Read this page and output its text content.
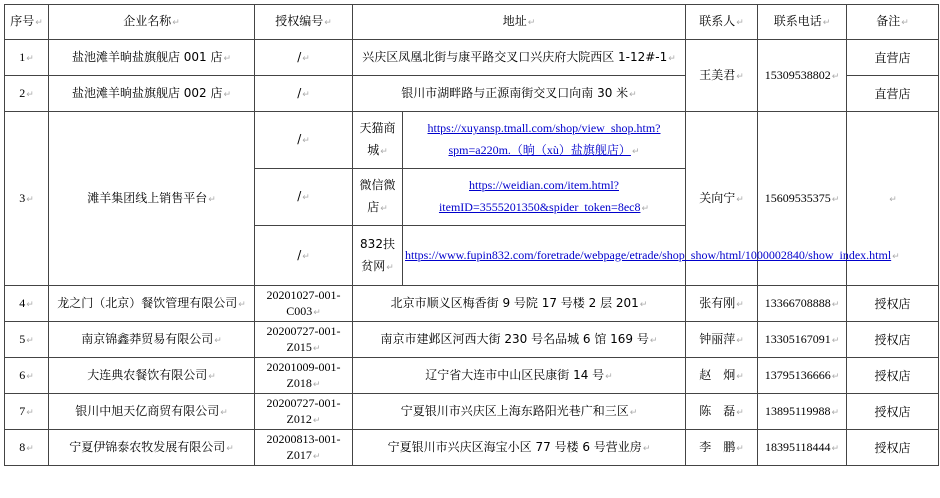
序号↵	企业名称↵	授权编号↵	地址↵		联系人↵	联系电话↵	备注↵
1↵	盐池滩羊晌盐旗舰店 001 店↵	/↵	兴庆区凤凰北街与康平路交叉口兴庆府大院西区 1-12#-1↵		王美君↵	15309538802↵	直营店
2↵	盐池滩羊晌盐旗舰店 002 店↵	/↵	银川市湖畔路与正源南街交叉口向南 30 米↵				直营店
3↵	滩羊集团线上销售平台↵	/↵	天猫商城↵	https://xuyansp.tmall.com/shop/view_shop.htm?spm=a220m.（晌（xù）盐旗舰店）↵	关向宁↵	15609535375↵	↵
		/↵	微信微店↵	https://weidian.com/item.html?itemID=3555201350&spider_token=8ec8↵			
		/↵	832扶贫网↵	https://www.fupin832.com/foretrade/webpage/etrade/shop_show/html/1000002840/show_index.html↵			
4↵	龙之门（北京）餐饮管理有限公司↵	20201027-001-C003↵	北京市顺义区梅香街 9 号院 17 号楼 2 层 201↵		张有刚↵	13366708888↵	授权店
5↵	南京锦鑫莽贸易有限公司↵	20200727-001-Z015↵	南京市建邺区河西大街 230 号名品城 6 馆 169 号↵		钟丽萍↵	13305167091↵	授权店
6↵	大连典农餐饮有限公司↵	20201009-001-Z018↵	辽宁省大连市中山区民康街 14 号↵		赵　炯↵	13795136666↵	授权店
7↵	银川中旭天亿商贸有限公司↵	20200727-001-Z012↵	宁夏银川市兴庆区上海东路阳光巷广和三区↵		陈　磊↵	13895119988↵	授权店
8↵	宁夏伊锦泰农牧发展有限公司↵	20200813-001-Z017↵	宁夏银川市兴庆区海宝小区 77 号楼 6 号营业房↵		李　鹏↵	18395118444↵	授权店
